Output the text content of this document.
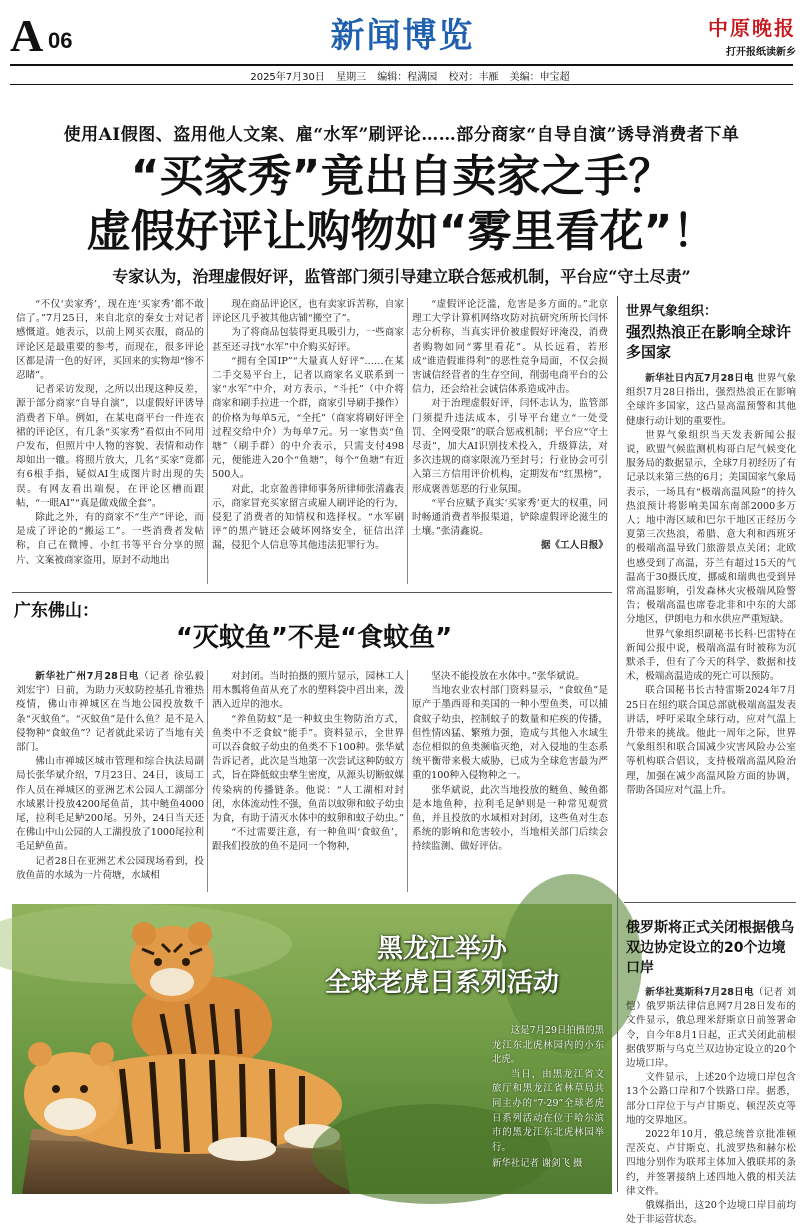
A 06	新闻博览	中原晚报
打开报纸读新乡
2025年7月30日 星期三 编辑：程满园 校对：丰雁 美编：申宝超
使用AI假图、盗用他人文案、雇“水军”刷评论……部分商家“自导自演”诱导消费者下单
“买家秀”竟出自卖家之手？
虚假好评让购物如“雾里看花”！
专家认为，治理虚假好评，监管部门须引导建立联合惩戒机制，平台应“守土尽责”

“不仅‘卖家秀’，现在连‘买家秀’都不敢信了。”7月25日，来自北京的秦女士对记者感慨道。她表示，以前上网买衣服，商品的评论区是最重要的参考，而现在，很多评论区都是清一色的好评，买回来的实物却“惨不忍睹”。

记者采访发现，之所以出现这种反差，源于部分商家“自导自演”，以虚假好评诱导消费者下单。例如，在某电商平台一件连衣裙的评论区，有几条“买家秀”看似由不同用户发布，但照片中人物的容貌、表情和动作却如出一辙。将照片放大，几名“买家”竟都有6根手指，疑似AI生成图片时出现的失误。有网友看出端倪，在评论区槽而跟帖，“一眼AI”“真是做戏做全套”。

除此之外，有的商家不“生产”评论，而是成了评论的“搬运工”。一些消费者发帖称，自己在微博、小红书等平台分享的照片、文案被商家盗用，原封不动地出

现在商品评论区，也有卖家诉苦称，自家评论区几乎被其他店铺“搬空了”。

为了将商品包装得更具吸引力，一些商家甚至还寻找“水军”中介购买好评。

“拥有全国IP”“大量真人好评”……在某二手交易平台上，记者以商家名义联系到一家“水军”中介，对方表示，“斗托”（中介将商家和刷手拉进一个群，商家引导刷手操作）的价格为每单5元，“全托”（商家将刷好评全过程交给中介）为每单7元。另一家售卖“鱼塘”（刷手群）的中介表示，只需支付498元，便能进入20个“鱼塘”，每个“鱼塘”有近500人。

对此，北京盈善律师事务所律师张清鑫表示，商家冒充买家留言或雇人刷评论的行为，侵犯了消费者的知情权和选择权。“水军刷评”的黑产链还会破坏网络安全，征信出洋漏，侵犯个人信息等其他违法犯罪行为。

“虚假评论泛滥，危害是多方面的。”北京理工大学计算机网络攻防对抗研究所所长闫怀志分析称，当真实评价被虚假好评淹没，消费者购物如同“雾里看花”。从长远看，若形成“谁造假谁得利”的恶性竞争局面，不仅会损害诚信经营者的生存空间，削弱电商平台的公信力，还会给社会诚信体系造成冲击。

对于治理虚假好评，闫怀志认为，监管部门须提升违法成本，引导平台建立“一处受罚、全网受限”的联合惩戒机制；平台应“守土尽责”，加大AI识别技术投入，升级算法，对多次违规的商家限流乃至封号；行业协会可引入第三方信用评价机构，定期发布“红黑榜”，形成褒善惩恶的行业氛围。

“平台应赋予真实‘买家秀’更大的权重，同时畅通消费者举报渠道，铲除虚假评论滋生的土壤。”张清鑫说。

据《工人日报》

世界气象组织：
强烈热浪正在影响全球许多国家

新华社日内瓦7月28日电 世界气象组织7月28日指出，强烈热浪正在影响全球许多国家，这凸显高温预警和其他健康行动计划的重要性。

世界气象组织当天发表新闻公报说，欧盟气候监测机构哥白尼气候变化服务局的数据显示，全球7月初经历了有记录以来第三热的6月；美国国家气象局表示，一场具有“极端高温风险”的持久热浪预计将影响美国东南部2000多万人；地中海区域和巴尔干地区正经历今夏第三次热浪，希腊、意大利和西班牙的极端高温导致门旅游景点关闭；北欧也感受到了高温，芬兰有超过15天的气温高于30摄氏度，挪威和瑞典也受到异常高温影响，引发森林火灾极端风险警告；极端高温也席卷北非和中东的大部分地区，伊朗电力和水供应严重短缺。

世界气象组织副秘书长科·巴雷特在新闻公报中说，极端高温有时被称为沉默杀手，但有了今天的科学、数据和技术，极端高温造成的死亡可以预防。

联合国秘书长古特雷斯2024年7月25日在纽约联合国总部就极端高温发表讲话，呼吁采取全球行动，应对气温上升带来的挑战。他此一周年之际，世界气象组织和联合国减少灾害风险办公室等机构联合倡议，支持极端高温风险治理，加强在减少高温风险方面的协调，帮助各国应对气温上升。

广东佛山：
“灭蚊鱼”不是“食蚊鱼”

新华社广州7月28日电（记者 徐弘毅 刘宏宇）日前，为助力灭蚊防控基孔肯雅热疫情，佛山市禅城区在当地公园投放数千条“灭蚊鱼”。“灭蚊鱼”是什么鱼？是不是入侵物种“食蚊鱼”？记者就此采访了当地有关部门。

佛山市禅城区城市管理和综合执法局副局长张华斌介绍，7月23日、24日，该局工作人员在禅城区的亚洲艺术公园人工湖部分水域累计投放4200尾鱼苗，其中鲢鱼4000尾，拉利毛足鲈200尾。另外，24日当天还在佛山中山公园的人工湖投放了1000尾拉利毛足鲈鱼苗。

记者28日在亚洲艺术公园现场看到，投放鱼苗的水域为一片荷塘，水域相

对封闭。当时拍摄的照片显示，园林工人用木瓢将鱼苗从充了水的塑料袋中舀出来，泼洒入近岸的池水。

“养鱼防蚊”是一种蚊虫生物防治方式，鱼类中不乏食蚊“能手”。资料显示，全世界可以吞食蚊子幼虫的鱼类不下100种。张华斌告诉记者，此次是当地第一次尝试这种防蚊方式，旨在降低蚊虫孳生密度，从源头切断蚊媒传染病的传播链条。他说：“人工湖相对封闭，水体流动性不强，鱼苗以蚊卵和蚊子幼虫为食，有助于清灭水体中的蚊卵和蚊子幼虫。”

“不过需要注意，有一种鱼叫‘食蚊鱼’，跟我们投放的鱼不是同一个物种，

坚决不能投放在水体中。”张华斌说。

当地农业农村部门资料显示，“食蚊鱼”是原产于墨西哥和美国的一种小型鱼类，可以捕食蚊子幼虫，控制蚊子的数量和疟疾的传播，但性情凶猛、繁殖力强，造成与其他入水域生态位相似的鱼类濒临灭绝，对入侵地的生态系统平衡带来极大威胁，已成为全球危害最为严重的100种入侵物种之一。

张华斌说，此次当地投放的鲢鱼、鲮鱼都是本地鱼种，拉利毛足鲈则是一种常见观赏鱼，并且投放的水域相对封闭，这些鱼对生态系统的影响和危害较小，当地相关部门后续会持续监测、做好评估。

黑龙江举办
全球老虎日系列活动

这是7月29日拍摄的黑龙江东北虎林园内的小东北虎。

当日，由黑龙江省文旅厅和黑龙江省林草局共同主办的“7·29”全球老虎日系列活动在位于哈尔滨市的黑龙江东北虎林园举行。

新华社记者 谢剑飞 摄
俄罗斯将正式关闭根据俄乌双边协定设立的20个边境口岸

新华社莫斯科7月28日电（记者 刘恺）俄罗斯法律信息网7月28日发布的文件显示，俄总理米舒斯京日前签署命令，自今年8月1日起，正式关闭此前根据俄罗斯与乌克兰双边协定设立的20个边境口岸。

文件显示，上述20个边境口岸包含13个公路口岸和7个铁路口岸。据悉，部分口岸位于与卢甘斯克、顿涅茨克等地的交界地区。

2022年10月，俄总统普京批准顿涅茨克、卢甘斯克、扎波罗热和赫尔松四地分别作为联邦主体加入俄联邦的条约，并签署接纳上述四地入俄的相关法律文件。

俄媒指出，这20个边境口岸目前均处于非运营状态。
